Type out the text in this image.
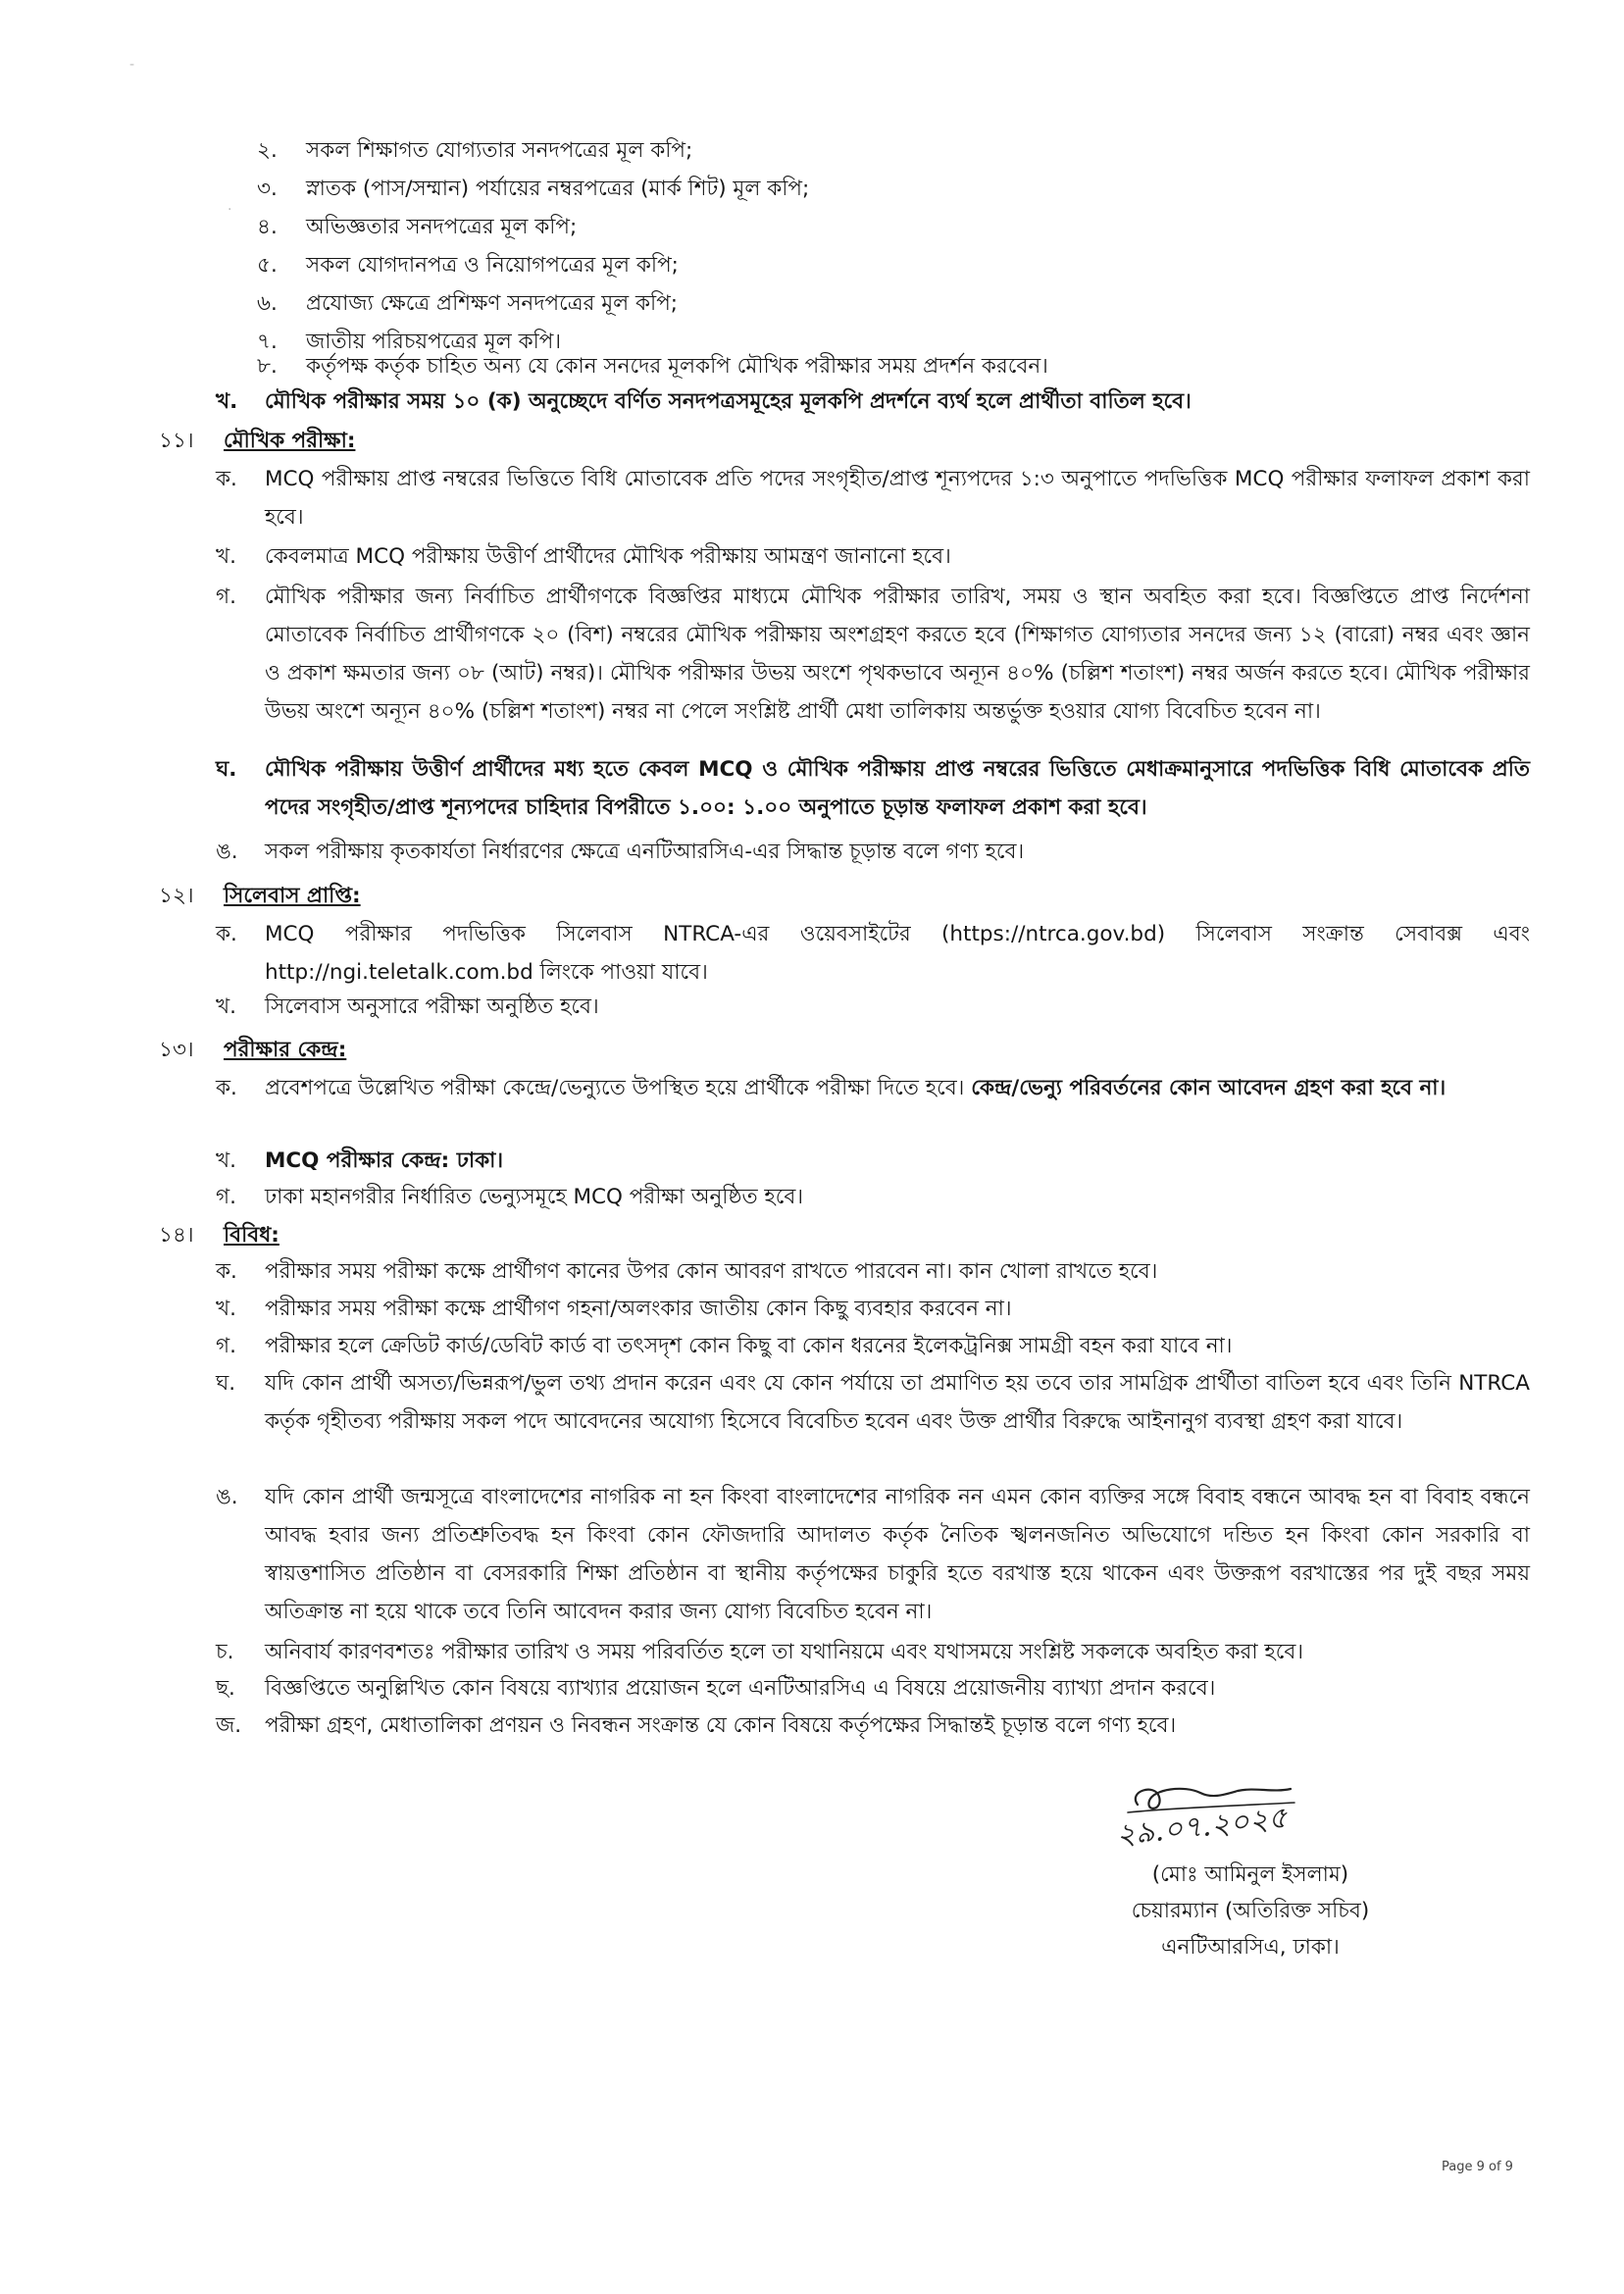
-
·
২.	সকল শিক্ষাগত যোগ্যতার সনদপত্রের মূল কপি;
৩.	স্নাতক (পাস/সম্মান) পর্যায়ের নম্বরপত্রের (মার্ক শিট) মূল কপি;
৪.	অভিজ্ঞতার সনদপত্রের মূল কপি;
৫.	সকল যোগদানপত্র ও নিয়োগপত্রের মূল কপি;
৬.	প্রযোজ্য ক্ষেত্রে প্রশিক্ষণ সনদপত্রের মূল কপি;
৭.	জাতীয় পরিচয়পত্রের মূল কপি।
৮.	কর্তৃপক্ষ কর্তৃক চাহিত অন্য যে কোন সনদের মূলকপি মৌখিক পরীক্ষার সময় প্রদর্শন করবেন।
খ.	মৌখিক পরীক্ষার সময় ১০ (ক) অনুচ্ছেদে বর্ণিত সনদপত্রসমূহের মূলকপি প্রদর্শনে ব্যর্থ হলে প্রার্থীতা বাতিল হবে।
১১। মৌখিক পরীক্ষা:
ক.	MCQ পরীক্ষায় প্রাপ্ত নম্বরের ভিত্তিতে বিধি মোতাবেক প্রতি পদের সংগৃহীত/প্রাপ্ত শূন্যপদের ১:৩ অনুপাতে পদভিত্তিক MCQ পরীক্ষার ফলাফল প্রকাশ করা হবে।
খ.	কেবলমাত্র MCQ পরীক্ষায় উত্তীর্ণ প্রার্থীদের মৌখিক পরীক্ষায় আমন্ত্রণ জানানো হবে।
গ.	মৌখিক পরীক্ষার জন্য নির্বাচিত প্রার্থীগণকে বিজ্ঞপ্তির মাধ্যমে মৌখিক পরীক্ষার তারিখ, সময় ও স্থান অবহিত করা হবে। বিজ্ঞপ্তিতে প্রাপ্ত নির্দেশনা মোতাবেক নির্বাচিত প্রার্থীগণকে ২০ (বিশ) নম্বরের মৌখিক পরীক্ষায় অংশগ্রহণ করতে হবে (শিক্ষাগত যোগ্যতার সনদের জন্য ১২ (বারো) নম্বর এবং জ্ঞান ও প্রকাশ ক্ষমতার জন্য ০৮ (আট) নম্বর)। মৌখিক পরীক্ষার উভয় অংশে পৃথকভাবে অন্যূন ৪০% (চল্লিশ শতাংশ) নম্বর অর্জন করতে হবে। মৌখিক পরীক্ষার উভয় অংশে অন্যূন ৪০% (চল্লিশ শতাংশ) নম্বর না পেলে সংশ্লিষ্ট প্রার্থী মেধা তালিকায় অন্তর্ভুক্ত হওয়ার যোগ্য বিবেচিত হবেন না।
ঘ.	মৌখিক পরীক্ষায় উত্তীর্ণ প্রার্থীদের মধ্য হতে কেবল MCQ ও মৌখিক পরীক্ষায় প্রাপ্ত নম্বরের ভিত্তিতে মেধাক্রমানুসারে পদভিত্তিক বিধি মোতাবেক প্রতি পদের সংগৃহীত/প্রাপ্ত শূন্যপদের চাহিদার বিপরীতে ১.০০: ১.০০ অনুপাতে চূড়ান্ত ফলাফল প্রকাশ করা হবে।
ঙ.	সকল পরীক্ষায় কৃতকার্যতা নির্ধারণের ক্ষেত্রে এনটিআরসিএ-এর সিদ্ধান্ত চূড়ান্ত বলে গণ্য হবে।
১২। সিলেবাস প্রাপ্তি:
ক.	MCQ পরীক্ষার পদভিত্তিক সিলেবাস NTRCA-এর ওয়েবসাইটের (https://ntrca.gov.bd) সিলেবাস সংক্রান্ত সেবাবক্স এবং http://ngi.teletalk.com.bd লিংকে পাওয়া যাবে।
খ.	সিলেবাস অনুসারে পরীক্ষা অনুষ্ঠিত হবে।
১৩। পরীক্ষার কেন্দ্র:
ক.	প্রবেশপত্রে উল্লেখিত পরীক্ষা কেন্দ্রে/ভেন্যুতে উপস্থিত হয়ে প্রার্থীকে পরীক্ষা দিতে হবে। কেন্দ্র/ভেন্যু পরিবর্তনের কোন আবেদন গ্রহণ করা হবে না।
খ.	MCQ পরীক্ষার কেন্দ্র: ঢাকা।
গ.	ঢাকা মহানগরীর নির্ধারিত ভেন্যুসমূহে MCQ পরীক্ষা অনুষ্ঠিত হবে।
১৪। বিবিধ:
ক.	পরীক্ষার সময় পরীক্ষা কক্ষে প্রার্থীগণ কানের উপর কোন আবরণ রাখতে পারবেন না। কান খোলা রাখতে হবে।
খ.	পরীক্ষার সময় পরীক্ষা কক্ষে প্রার্থীগণ গহনা/অলংকার জাতীয় কোন কিছু ব্যবহার করবেন না।
গ.	পরীক্ষার হলে ক্রেডিট কার্ড/ডেবিট কার্ড বা তৎসদৃশ কোন কিছু বা কোন ধরনের ইলেকট্রনিক্স সামগ্রী বহন করা যাবে না।
ঘ.	যদি কোন প্রার্থী অসত্য/ভিন্নরূপ/ভুল তথ্য প্রদান করেন এবং যে কোন পর্যায়ে তা প্রমাণিত হয় তবে তার সামগ্রিক প্রার্থীতা বাতিল হবে এবং তিনি NTRCA কর্তৃক গৃহীতব্য পরীক্ষায় সকল পদে আবেদনের অযোগ্য হিসেবে বিবেচিত হবেন এবং উক্ত প্রার্থীর বিরুদ্ধে আইনানুগ ব্যবস্থা গ্রহণ করা যাবে।
ঙ.	যদি কোন প্রার্থী জন্মসূত্রে বাংলাদেশের নাগরিক না হন কিংবা বাংলাদেশের নাগরিক নন এমন কোন ব্যক্তির সঙ্গে বিবাহ বন্ধনে আবদ্ধ হন বা বিবাহ বন্ধনে আবদ্ধ হবার জন্য প্রতিশ্রুতিবদ্ধ হন কিংবা কোন ফৌজদারি আদালত কর্তৃক নৈতিক স্খলনজনিত অভিযোগে দন্ডিত হন কিংবা কোন সরকারি বা স্বায়ত্তশাসিত প্রতিষ্ঠান বা বেসরকারি শিক্ষা প্রতিষ্ঠান বা স্থানীয় কর্তৃপক্ষের চাকুরি হতে বরখাস্ত হয়ে থাকেন এবং উক্তরূপ বরখাস্তের পর দুই বছর সময় অতিক্রান্ত না হয়ে থাকে তবে তিনি আবেদন করার জন্য যোগ্য বিবেচিত হবেন না।
চ.	অনিবার্য কারণবশতঃ পরীক্ষার তারিখ ও সময় পরিবর্তিত হলে তা যথানিয়মে এবং যথাসময়ে সংশ্লিষ্ট সকলকে অবহিত করা হবে।
ছ.	বিজ্ঞপ্তিতে অনুল্লিখিত কোন বিষয়ে ব্যাখ্যার প্রয়োজন হলে এনটিআরসিএ এ বিষয়ে প্রয়োজনীয় ব্যাখ্যা প্রদান করবে।
জ.	পরীক্ষা গ্রহণ, মেধাতালিকা প্রণয়ন ও নিবন্ধন সংক্রান্ত যে কোন বিষয়ে কর্তৃপক্ষের সিদ্ধান্তই চূড়ান্ত বলে গণ্য হবে।
২৯.০৭.২০২৫
(মোঃ আমিনুল ইসলাম)
চেয়ারম্যান (অতিরিক্ত সচিব)
এনটিআরসিএ, ঢাকা।
Page 9 of 9
